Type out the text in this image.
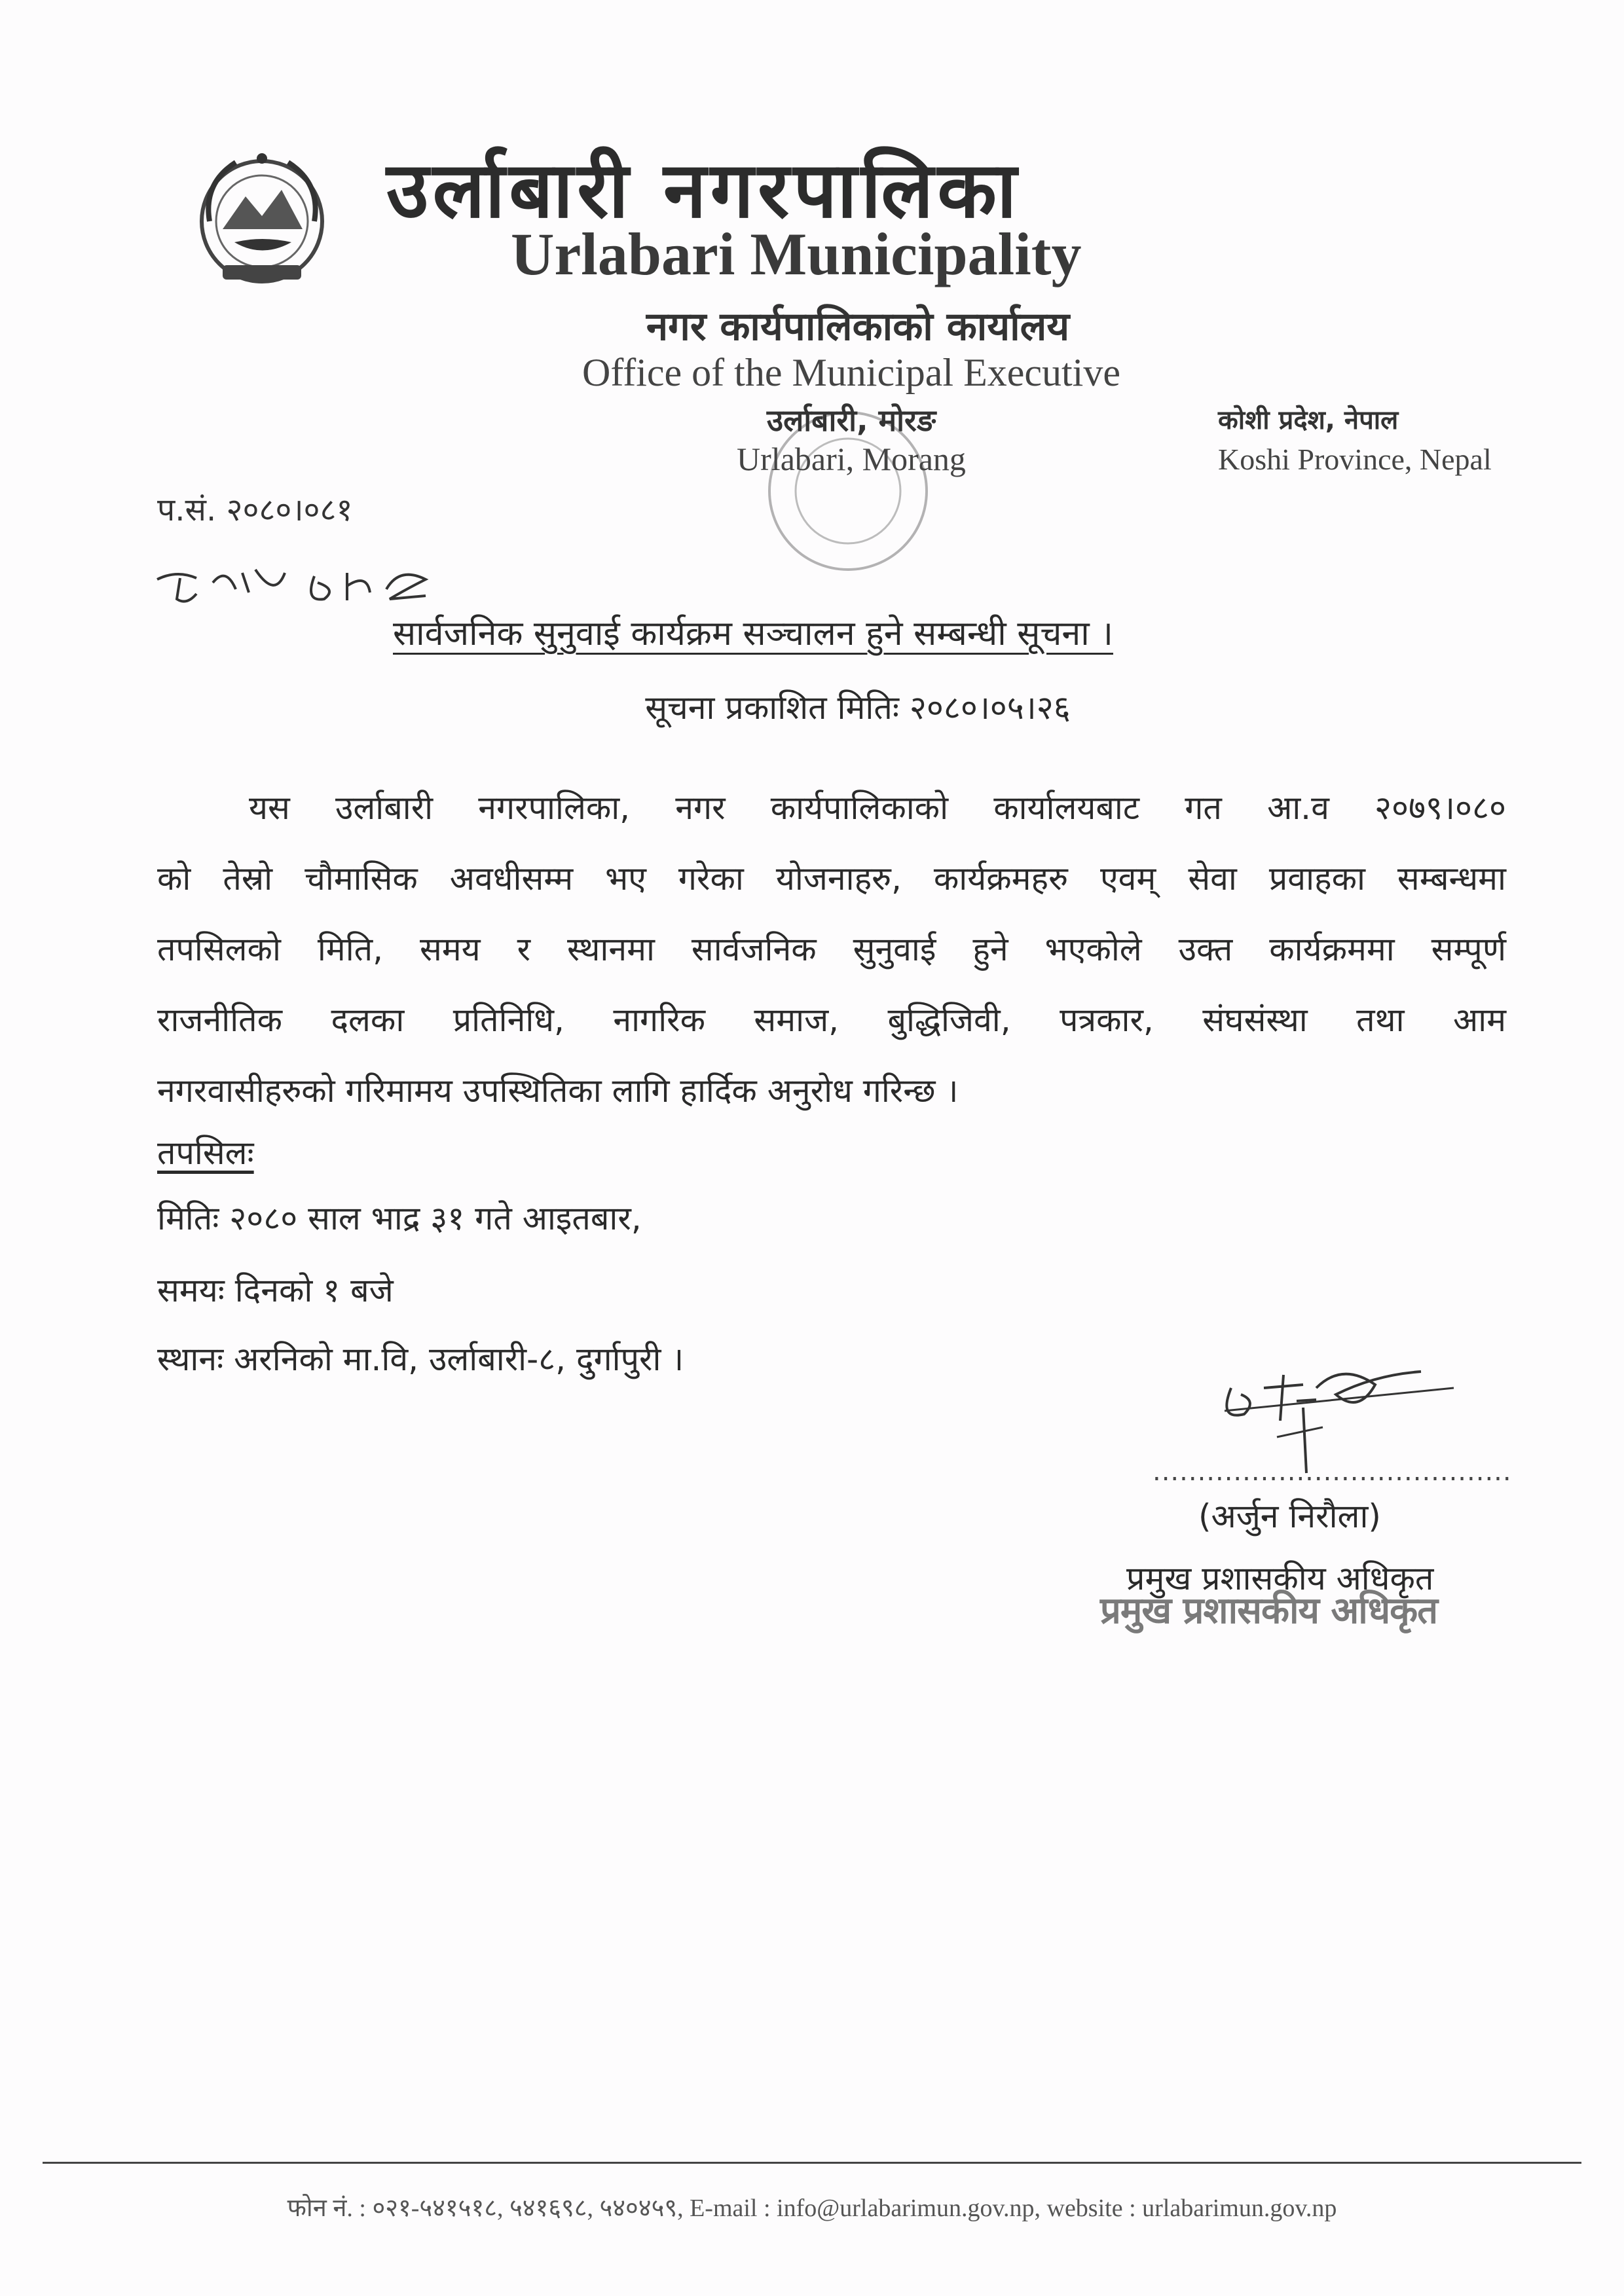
उर्लाबारी नगरपालिका
Urlabari Municipality
नगर कार्यपालिकाको कार्यालय
Office of the Municipal Executive
उर्लाबारी, मोरङ
Urlabari, Morang
कोशी प्रदेश, नेपाल
Koshi Province, Nepal
प.सं. २०८०।०८१
सार्वजनिक सुनुवाई कार्यक्रम सञ्चालन हुने सम्बन्धी सूचना ।
सूचना प्रकाशित मितिः २०८०।०५।२६
यस उर्लाबारी नगरपालिका, नगर कार्यपालिकाको कार्यालयबाट गत आ.व २०७९।०८०
को तेस्रो चौमासिक अवधीसम्म भए गरेका योजनाहरु, कार्यक्रमहरु एवम् सेवा प्रवाहका सम्बन्धमा
तपसिलको मिति, समय र स्थानमा सार्वजनिक सुनुवाई हुने भएकोले उक्त कार्यक्रममा सम्पूर्ण
राजनीतिक दलका प्रतिनिधि, नागरिक समाज, बुद्धिजिवी, पत्रकार, संघसंस्था तथा आम
नगरवासीहरुको गरिमामय उपस्थितिका लागि हार्दिक अनुरोध गरिन्छ ।
तपसिलः
मितिः २०८० साल भाद्र ३१ गते आइतबार,
समयः दिनको १ बजे
स्थानः अरनिको मा.वि, उर्लाबारी-८, दुर्गापुरी ।
........................................
(अर्जुन निरौला)
प्रमुख प्रशासकीय अधिकृत
प्रमुख प्रशासकीय अधिकृत
फोन नं. : ०२१-५४१५१८, ५४१६९८, ५४०४५९, E-mail : info@urlabarimun.gov.np, website : urlabarimun.gov.np
